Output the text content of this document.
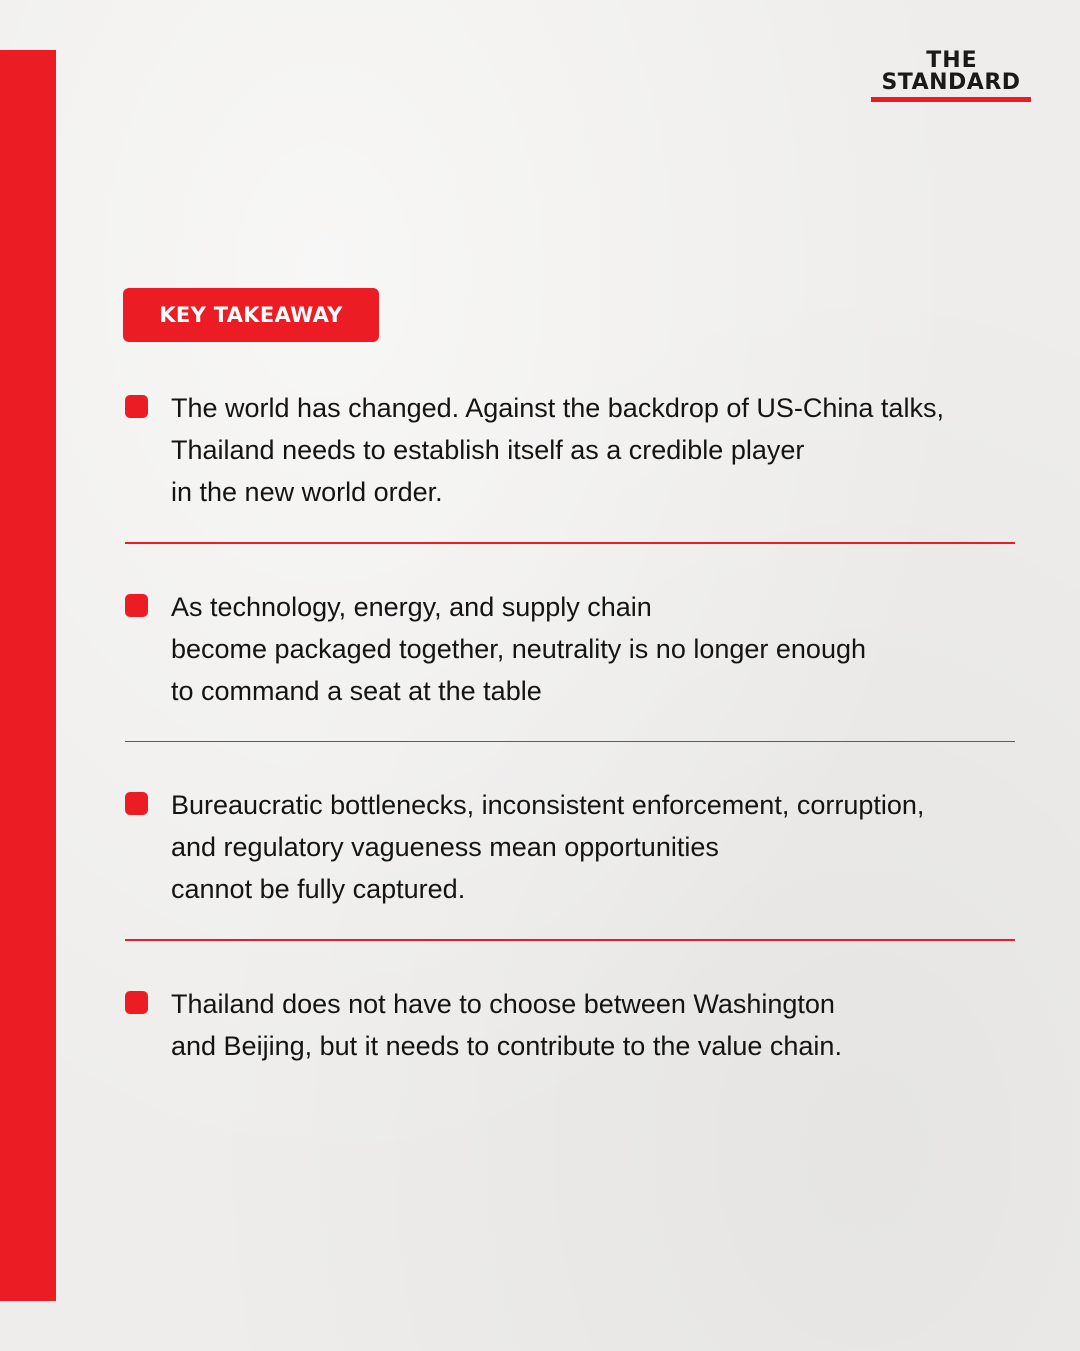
THE
STANDARD
KEY TAKEAWAY
The world has changed. Against the backdrop of US-China talks,
Thailand needs to establish itself as a credible player
in the new world order.
As technology, energy, and supply chain
become packaged together, neutrality is no longer enough
to command a seat at the table
Bureaucratic bottlenecks, inconsistent enforcement, corruption,
and regulatory vagueness mean opportunities
cannot be fully captured.
Thailand does not have to choose between Washington
and Beijing, but it needs to contribute to the value chain.
